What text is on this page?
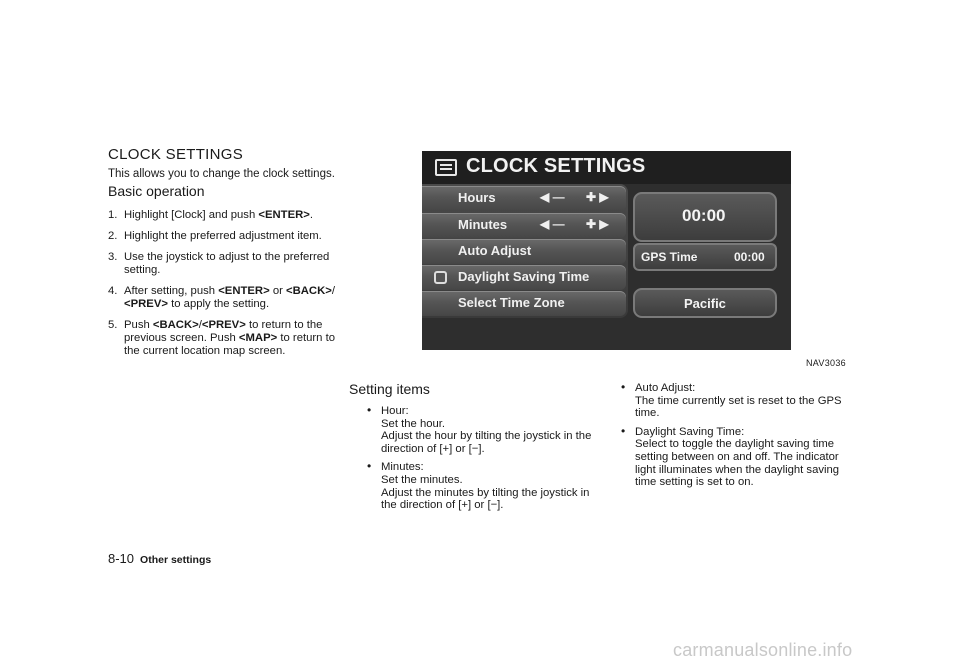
CLOCK SETTINGS
This allows you to change the clock settings.
Basic operation
1. Highlight [Clock] and push <ENTER>.
2. Highlight the preferred adjustment item.
3. Use the joystick to adjust to the preferred setting.
4. After setting, push <ENTER> or <BACK>/ <PREV> to apply the setting.
5. Push <BACK>/<PREV> to return to the previous screen. Push <MAP> to return to the current location map screen.
CLOCK SETTINGS
Hours	◀ — ✚ ▶
Minutes	◀ — ✚ ▶
Auto Adjust
Daylight Saving Time
Select Time Zone
00:00
GPS Time	00:00
Pacific
NAV3036
Setting items
• Hour:
Set the hour.
Adjust the hour by tilting the joystick in the direction of [+] or [−].
• Minutes:
Set the minutes.
Adjust the minutes by tilting the joystick in the direction of [+] or [−].
• Auto Adjust:
The time currently set is reset to the GPS time.
• Daylight Saving Time:
Select to toggle the daylight saving time setting between on and off. The indicator light illuminates when the daylight saving time setting is set to on.
8-10 Other settings
carmanualsonline.info
